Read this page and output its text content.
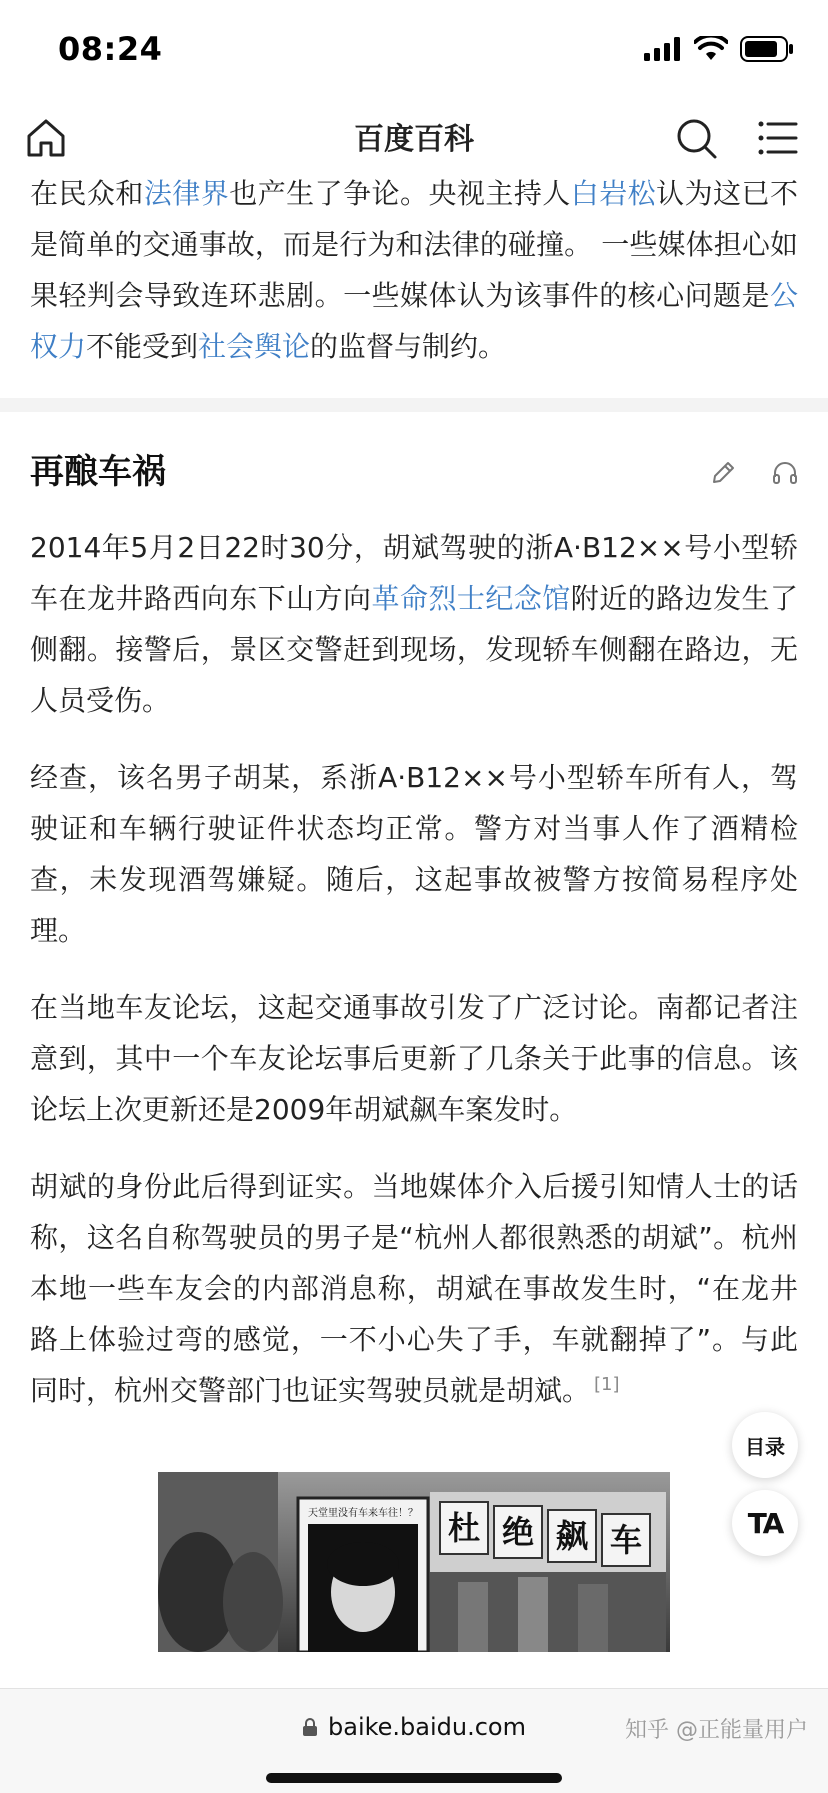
08:24
百度百科

在民众和法律界也产生了争论。央视主持人白岩松认为这已不是简单的交通事故，而是行为和法律的碰撞。 一些媒体担心如果轻判会导致连环悲剧。一些媒体认为该事件的核心问题是公权力不能受到社会舆论的监督与制约。

再酿车祸

2014年5月2日22时30分，胡斌驾驶的浙A·B12××号小型轿车在龙井路西向东下山方向革命烈士纪念馆附近的路边发生了侧翻。接警后，景区交警赶到现场，发现轿车侧翻在路边，无人员受伤。

经查，该名男子胡某，系浙A·B12××号小型轿车所有人，驾驶证和车辆行驶证件状态均正常。警方对当事人作了酒精检查，未发现酒驾嫌疑。随后，这起事故被警方按简易程序处理。

在当地车友论坛，这起交通事故引发了广泛讨论。南都记者注意到，其中一个车友论坛事后更新了几条关于此事的信息。该论坛上次更新还是2009年胡斌飙车案发时。

胡斌的身份此后得到证实。当地媒体介入后援引知情人士的话称，这名自称驾驶员的男子是“杭州人都很熟悉的胡斌”。杭州本地一些车友会的内部消息称，胡斌在事故发生时，“在龙井路上体验过弯的感觉，一不小心失了手，车就翻掉了”。与此同时，杭州交警部门也证实驾驶员就是胡斌。 [1]

天堂里没有车来车往！？ 杜 绝 飙 车
目录
TA
baike.baidu.com	知乎 @正能量用户
